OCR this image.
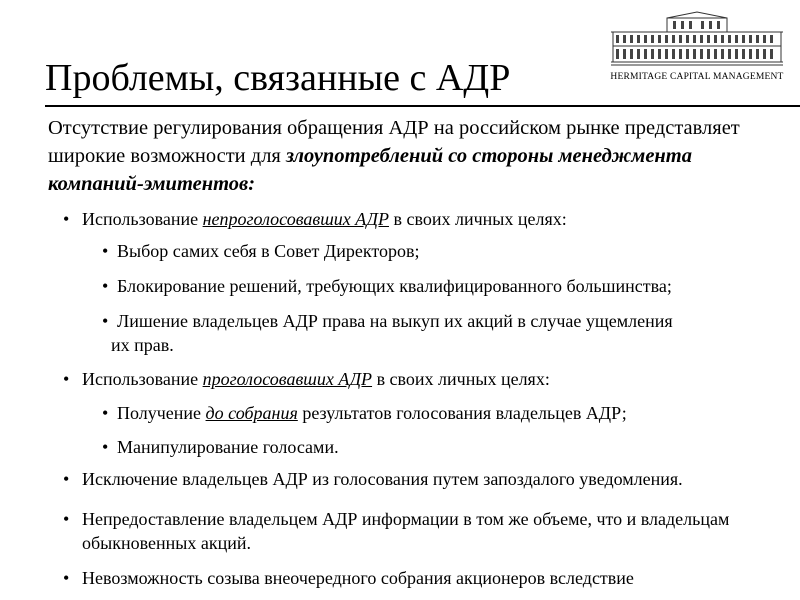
HERMITAGE CAPITAL MANAGEMENT
Проблемы, связанные с АДР
Отсутствие регулирования обращения АДР на российском рынке представляет широкие возможности для злоупотреблений со стороны менеджмента компаний-эмитентов:
• Использование непроголосовавших АДР в своих личных целях:
• Выбор самих себя в Совет Директоров;
• Блокирование решений, требующих квалифицированного большинства;
• Лишение владельцев АДР права на выкуп их акций в случае ущемления
их прав.
• Использование проголосовавших АДР в своих личных целях:
• Получение до собрания результатов голосования владельцев АДР;
• Манипулирование голосами.
• Исключение владельцев АДР из голосования путем запоздалого уведомления.
• Непредоставление владельцем АДР информации в том же объеме, что и владельцам обыкновенных акций.
• Невозможность созыва внеочередного собрания акционеров вследствие
